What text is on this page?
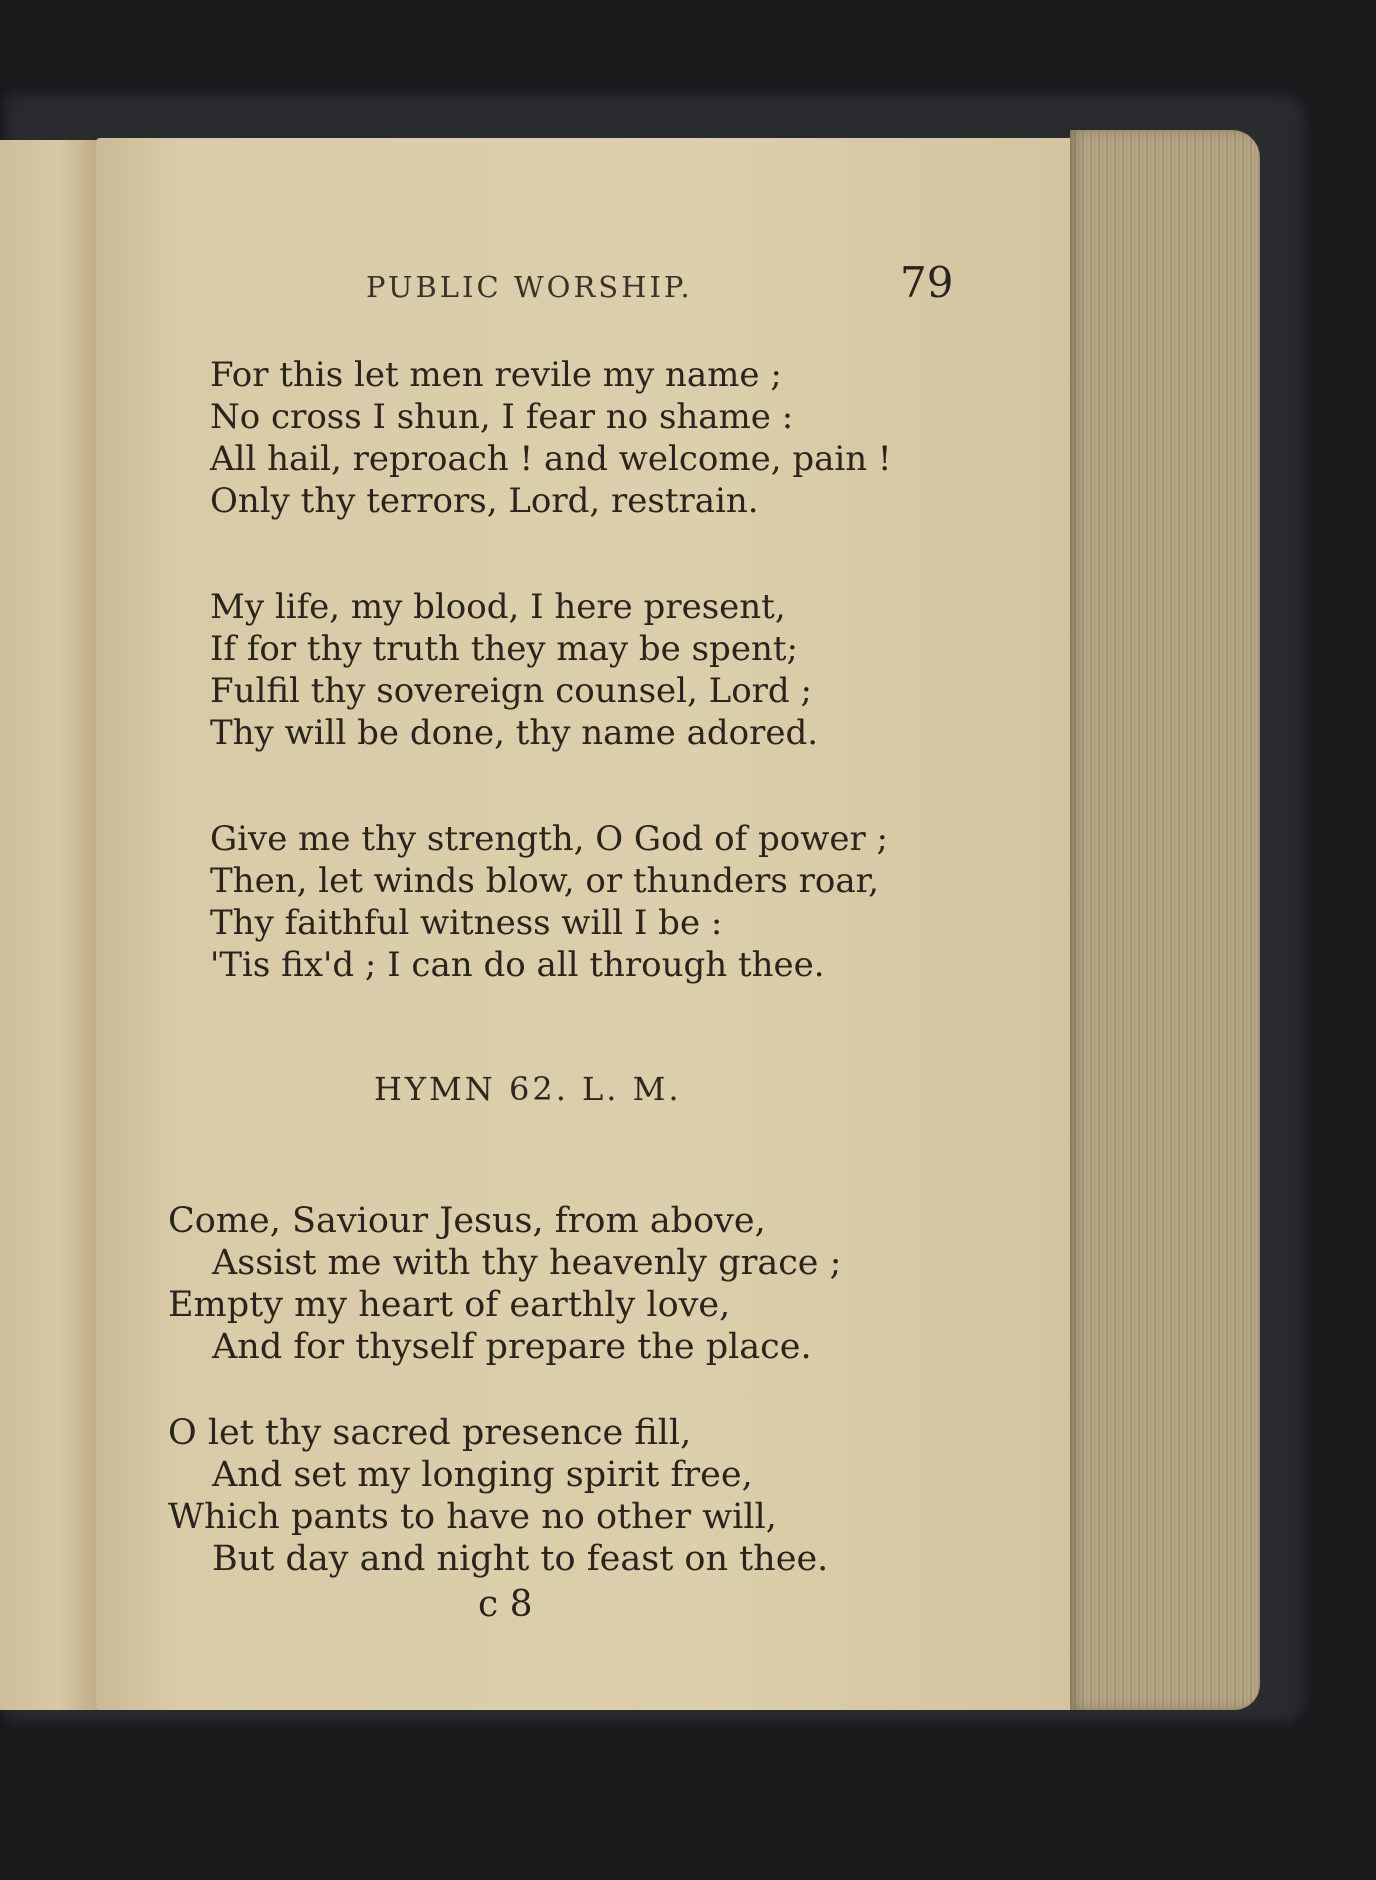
PUBLIC WORSHIP.	79
For this let men revile my name ;
No cross I shun, I fear no shame :
All hail, reproach ! and welcome, pain !
Only thy terrors, Lord, restrain.
My life, my blood, I here present,
If for thy truth they may be spent;
Fulfil thy sovereign counsel, Lord ;
Thy will be done, thy name adored.
Give me thy strength, O God of power ;
Then, let winds blow, or thunders roar,
Thy faithful witness will I be :
'Tis fix'd ; I can do all through thee.
HYMN 62. L. M.
Come, Saviour Jesus, from above,
Assist me with thy heavenly grace ;
Empty my heart of earthly love,
And for thyself prepare the place.
O let thy sacred presence fill,
And set my longing spirit free,
Which pants to have no other will,
But day and night to feast on thee.
c 8
